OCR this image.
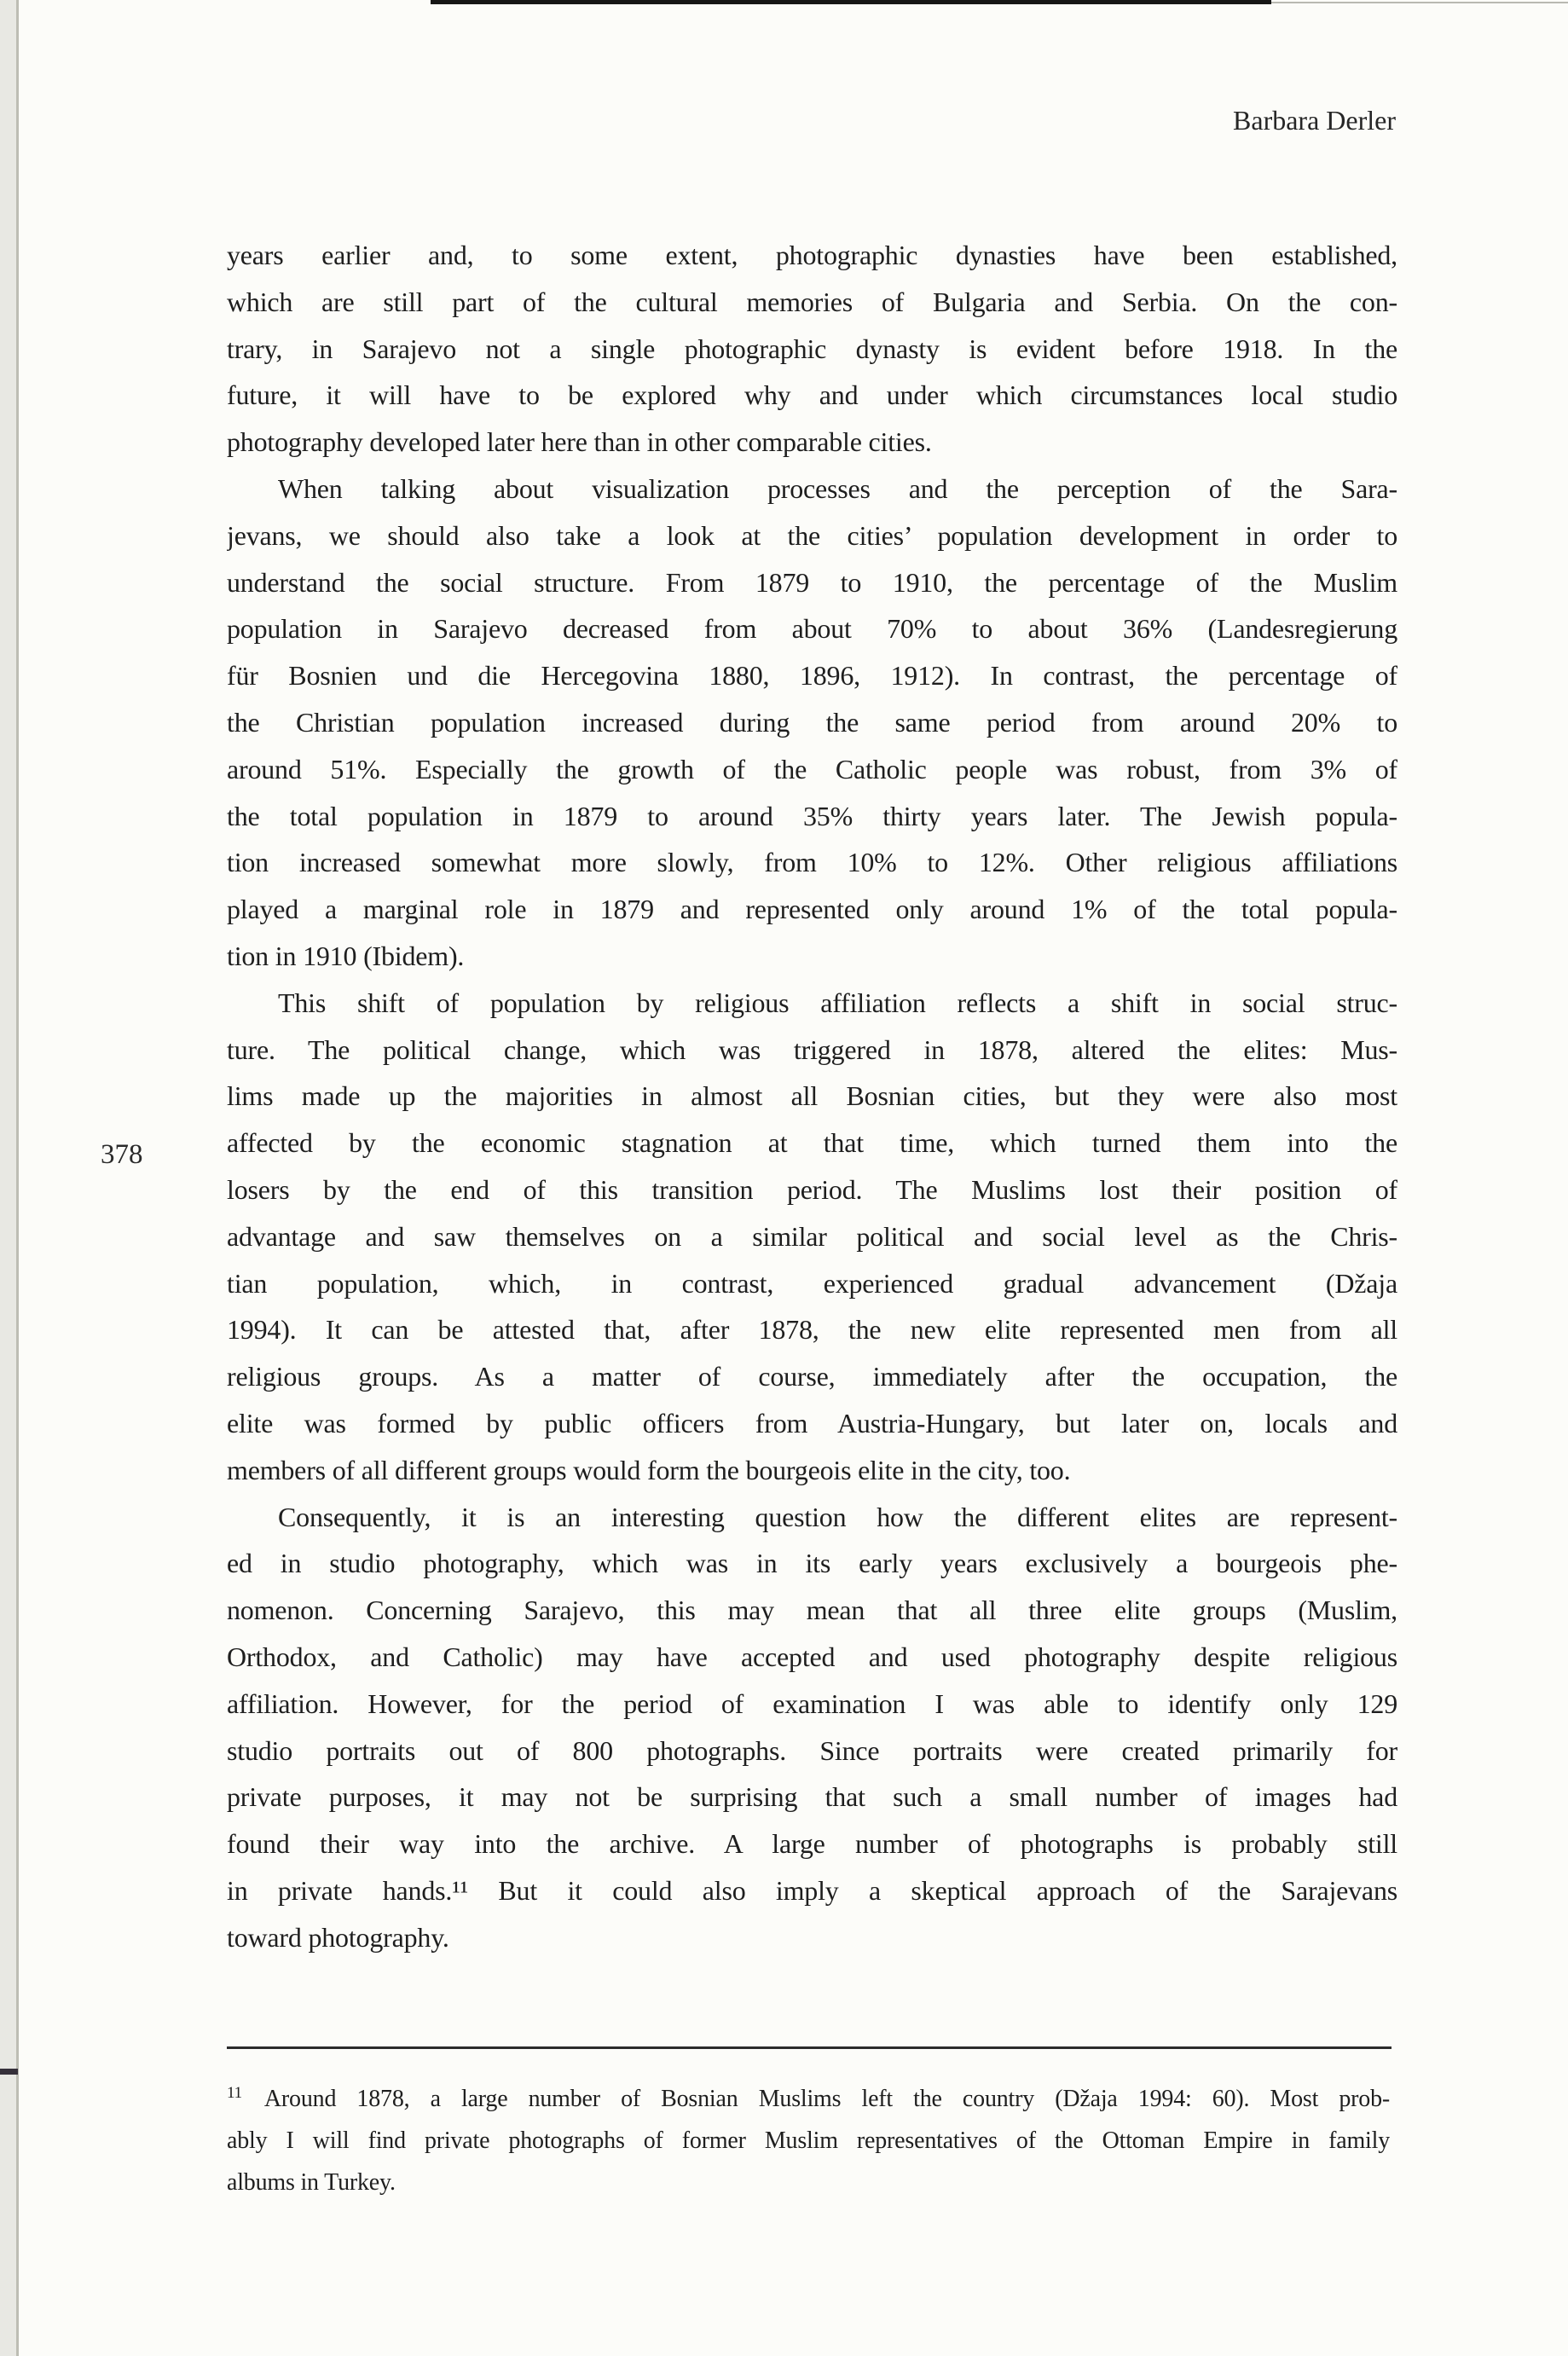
Barbara Derler
378
years earlier and, to some extent, photographic dynasties have been established,
which are still part of the cultural memories of Bulgaria and Serbia. On the con-
trary, in Sarajevo not a single photographic dynasty is evident before 1918. In the
future, it will have to be explored why and under which circumstances local studio
photography developed later here than in other comparable cities.
When talking about visualization processes and the perception of the Sara-
jevans, we should also take a look at the cities’ population development in order to
understand the social structure. From 1879 to 1910, the percentage of the Muslim
population in Sarajevo decreased from about 70% to about 36% (Landesregierung
für Bosnien und die Hercegovina 1880, 1896, 1912). In contrast, the percentage of
the Christian population increased during the same period from around 20% to
around 51%. Especially the growth of the Catholic people was robust, from 3% of
the total population in 1879 to around 35% thirty years later. The Jewish popula-
tion increased somewhat more slowly, from 10% to 12%. Other religious affiliations
played a marginal role in 1879 and represented only around 1% of the total popula-
tion in 1910 (Ibidem).
This shift of population by religious affiliation reflects a shift in social struc-
ture. The political change, which was triggered in 1878, altered the elites: Mus-
lims made up the majorities in almost all Bosnian cities, but they were also most
affected by the economic stagnation at that time, which turned them into the
losers by the end of this transition period. The Muslims lost their position of
advantage and saw themselves on a similar political and social level as the Chris-
tian population, which, in contrast, experienced gradual advancement (Džaja
1994). It can be attested that, after 1878, the new elite represented men from all
religious groups. As a matter of course, immediately after the occupation, the
elite was formed by public officers from Austria-Hungary, but later on, locals and
members of all different groups would form the bourgeois elite in the city, too.
Consequently, it is an interesting question how the different elites are represent-
ed in studio photography, which was in its early years exclusively a bourgeois phe-
nomenon. Concerning Sarajevo, this may mean that all three elite groups (Muslim,
Orthodox, and Catholic) may have accepted and used photography despite religious
affiliation. However, for the period of examination I was able to identify only 129
studio portraits out of 800 photographs. Since portraits were created primarily for
private purposes, it may not be surprising that such a small number of images had
found their way into the archive. A large number of photographs is probably still
in private hands.¹¹ But it could also imply a skeptical approach of the Sarajevans
toward photography.
$^{11}$ Around 1878, a large number of Bosnian Muslims left the country (Džaja 1994: 60). Most prob-
ably I will find private photographs of former Muslim representatives of the Ottoman Empire in family
albums in Turkey.
